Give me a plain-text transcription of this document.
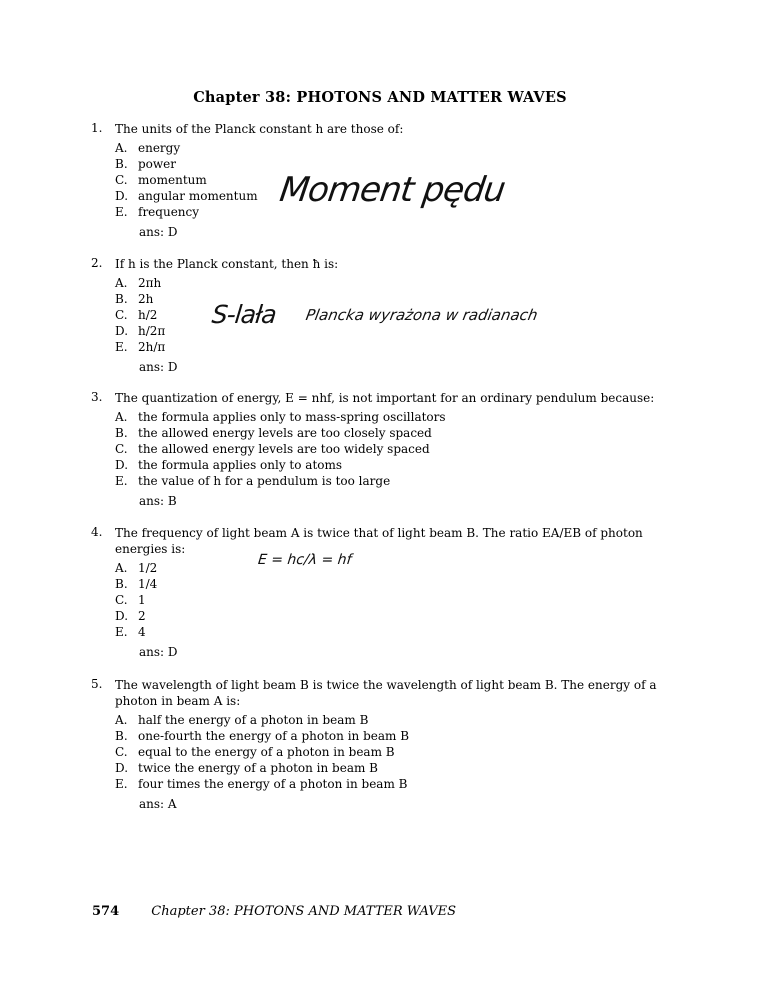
Chapter 38: PHOTONS AND MATTER WAVES
1. The units of the Planck constant h are those of:
A. energy
B. power
C. momentum
D. angular momentum
E. frequency
ans: D
2. If h is the Planck constant, then ħ is:
A. 2πh
B. 2h
C. h/2
D. h/2π
E. 2h/π
ans: D
3. The quantization of energy, E = nhf, is not important for an ordinary pendulum because:
A. the formula applies only to mass-spring oscillators
B. the allowed energy levels are too closely spaced
C. the allowed energy levels are too widely spaced
D. the formula applies only to atoms
E. the value of h for a pendulum is too large
ans: B
4. The frequency of light beam A is twice that of light beam B. The ratio EA/EB of photon energies is:
A. 1/2
B. 1/4
C. 1
D. 2
E. 4
ans: D
5. The wavelength of light beam B is twice the wavelength of light beam B. The energy of a photon in beam A is:
A. half the energy of a photon in beam B
B. one-fourth the energy of a photon in beam B
C. equal to the energy of a photon in beam B
D. twice the energy of a photon in beam B
E. four times the energy of a photon in beam B
ans: A
Moment pędu
S-lała Plancka wyrażona w radianach
E = hc/λ = hf
574 Chapter 38: PHOTONS AND MATTER WAVES
